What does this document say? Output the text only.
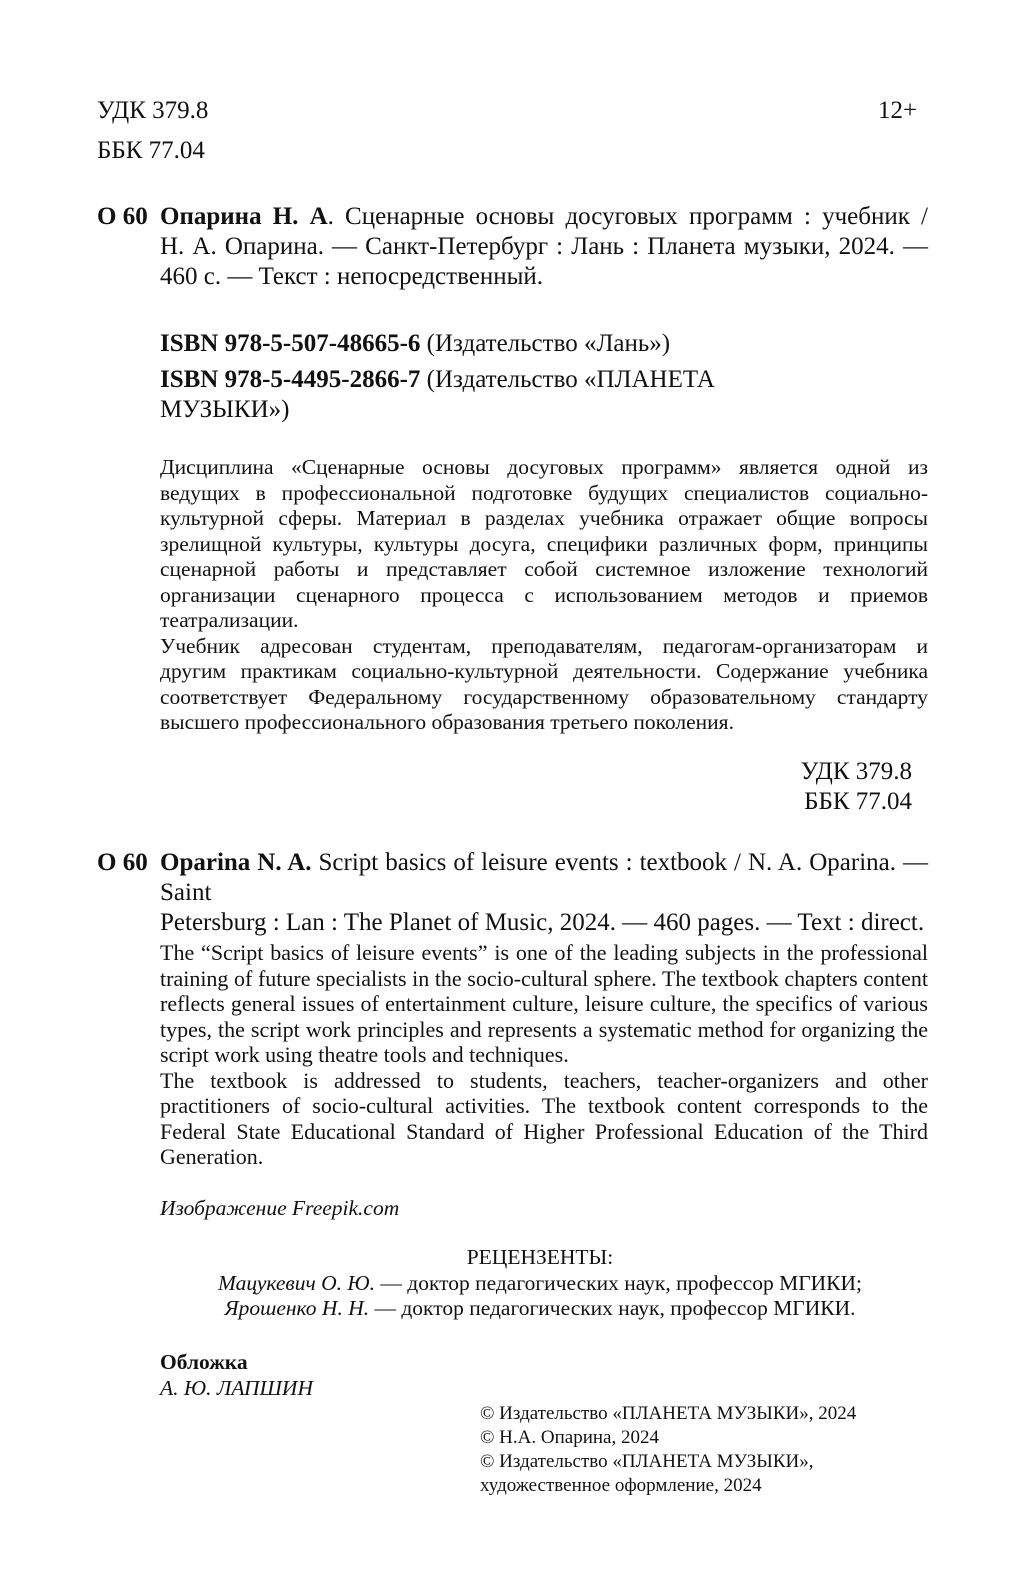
УДК 379.8
ББК 77.04
12+
О 60 Опарина Н. А. Сценарные основы досуговых программ : учебник /

Н. А. Опарина. — Санкт-Петербург : Лань : Планета музыки, 2024. —

460 с. — Текст : непосредственный.

ISBN 978-5-507-48665-6 (Издательство «Лань»)

ISBN 978-5-4495-2866-7 (Издательство «ПЛАНЕТА

МУЗЫКИ»)

Дисциплина «Сценарные основы досуговых программ» является одной из

ведущих в профессиональной подготовке будущих специалистов социально-

культурной сферы. Материал в разделах учебника отражает общие вопросы

зрелищной культуры, культуры досуга, специфики различных форм, принципы

сценарной работы и представляет собой системное изложение технологий

организации сценарного процесса с использованием методов и приемов

театрализации.

Учебник адресован студентам, преподавателям, педагогам-организаторам и

другим практикам социально-культурной деятельности. Содержание учебника

соответствует Федеральному государственному образовательному стандарту

высшего профессионального образования третьего поколения.

УДК 379.8

ББК 77.04

O 60 Oparina N. A. Script basics of leisure events : textbook / N. A. Oparina. — Saint

Petersburg : Lan : The Planet of Music, 2024. — 460 pages. — Text : direct.

The “Script basics of leisure events” is one of the leading subjects in the professional

training of future specialists in the socio-cultural sphere. The textbook chapters content

reflects general issues of entertainment culture, leisure culture, the specifics of various

types, the script work principles and represents a systematic method for organizing the

script work using theatre tools and techniques.

The textbook is addressed to students, teachers, teacher-organizers and other

practitioners of socio-cultural activities. The textbook content corresponds to the

Federal State Educational Standard of Higher Professional Education of the Third

Generation.

Изображение Freepik.com

РЕЦЕНЗЕНТЫ:

Мацукевич О. Ю. — доктор педагогических наук, профессор МГИКИ;

Ярошенко Н. Н. — доктор педагогических наук, профессор МГИКИ.

Обложка
А. Ю. ЛАПШИН

© Издательство «ПЛАНЕТА МУЗЫКИ», 2024

© Н.А. Опарина, 2024

© Издательство «ПЛАНЕТА МУЗЫКИ»,

художественное оформление, 2024
